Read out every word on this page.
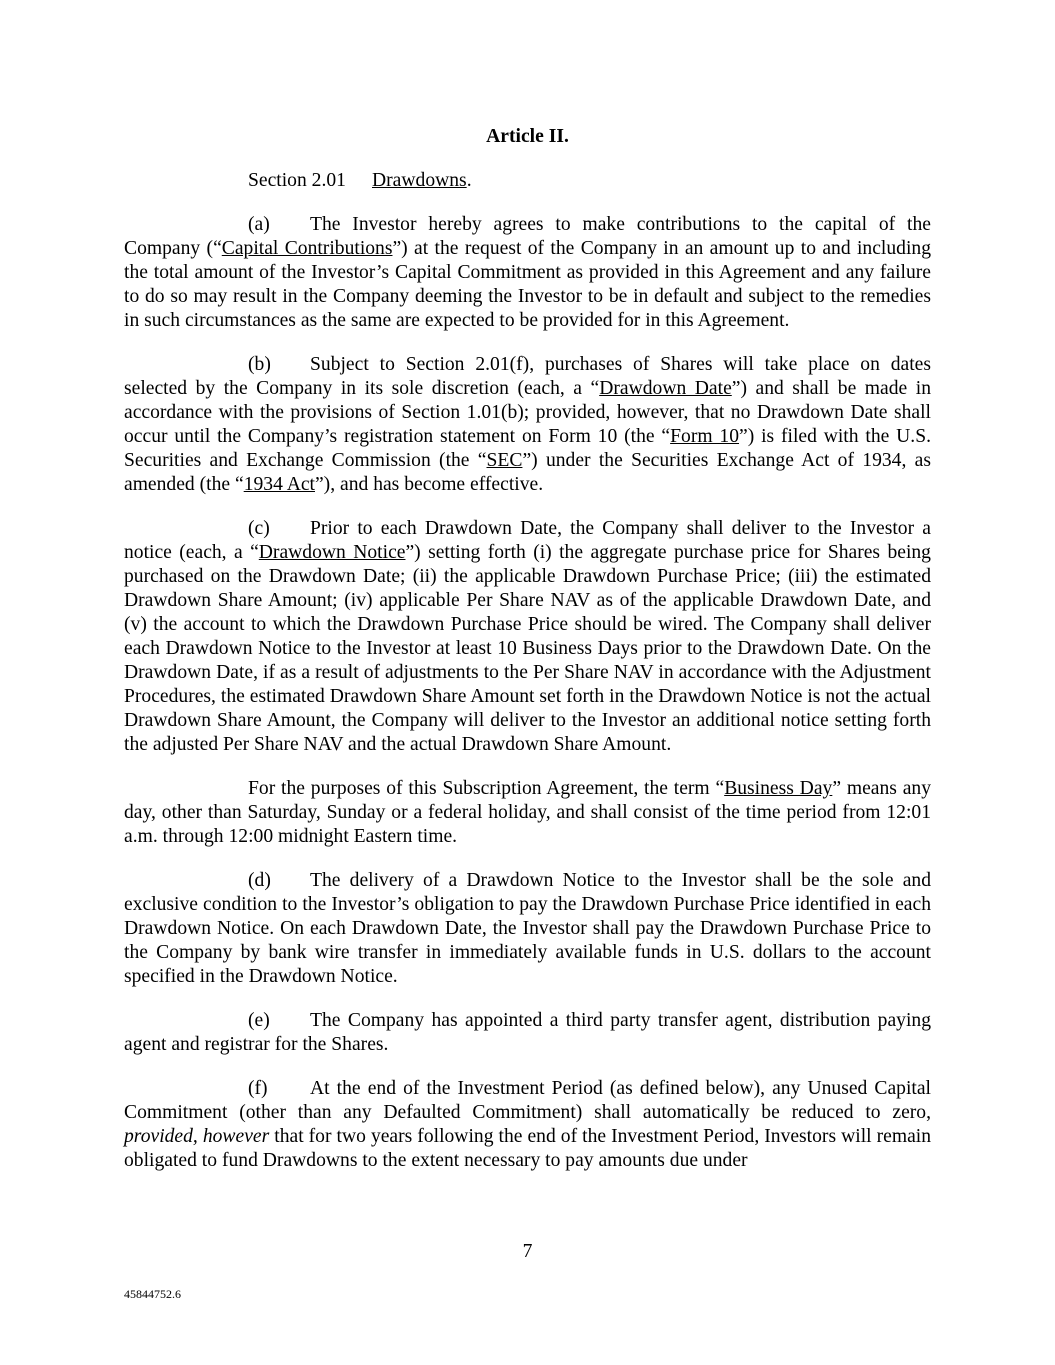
Article II.
Section 2.01 Drawdowns.

(a) The Investor hereby agrees to make contributions to the capital of the Company (“Capital Contributions”) at the request of the Company in an amount up to and including the total amount of the Investor’s Capital Commitment as provided in this Agreement and any failure to do so may result in the Company deeming the Investor to be in default and subject to the remedies in such circumstances as the same are expected to be provided for in this Agreement.

(b) Subject to Section 2.01(f), purchases of Shares will take place on dates selected by the Company in its sole discretion (each, a “Drawdown Date”) and shall be made in accordance with the provisions of Section 1.01(b); provided, however, that no Drawdown Date shall occur until the Company’s registration statement on Form 10 (the “Form 10”) is filed with the U.S. Securities and Exchange Commission (the “SEC”) under the Securities Exchange Act of 1934, as amended (the “1934 Act”), and has become effective.

(c) Prior to each Drawdown Date, the Company shall deliver to the Investor a notice (each, a “Drawdown Notice”) setting forth (i) the aggregate purchase price for Shares being purchased on the Drawdown Date; (ii) the applicable Drawdown Purchase Price; (iii) the estimated Drawdown Share Amount; (iv) applicable Per Share NAV as of the applicable Drawdown Date, and (v) the account to which the Drawdown Purchase Price should be wired. The Company shall deliver each Drawdown Notice to the Investor at least 10 Business Days prior to the Drawdown Date. On the Drawdown Date, if as a result of adjustments to the Per Share NAV in accordance with the Adjustment Procedures, the estimated Drawdown Share Amount set forth in the Drawdown Notice is not the actual Drawdown Share Amount, the Company will deliver to the Investor an additional notice setting forth the adjusted Per Share NAV and the actual Drawdown Share Amount.

For the purposes of this Subscription Agreement, the term “Business Day” means any day, other than Saturday, Sunday or a federal holiday, and shall consist of the time period from 12:01 a.m. through 12:00 midnight Eastern time.

(d) The delivery of a Drawdown Notice to the Investor shall be the sole and exclusive condition to the Investor’s obligation to pay the Drawdown Purchase Price identified in each Drawdown Notice. On each Drawdown Date, the Investor shall pay the Drawdown Purchase Price to the Company by bank wire transfer in immediately available funds in U.S. dollars to the account specified in the Drawdown Notice.

(e) The Company has appointed a third party transfer agent, distribution paying agent and registrar for the Shares.

(f) At the end of the Investment Period (as defined below), any Unused Capital Commitment (other than any Defaulted Commitment) shall automatically be reduced to zero, provided, however that for two years following the end of the Investment Period, Investors will remain obligated to fund Drawdowns to the extent necessary to pay amounts due under

7
45844752.6
